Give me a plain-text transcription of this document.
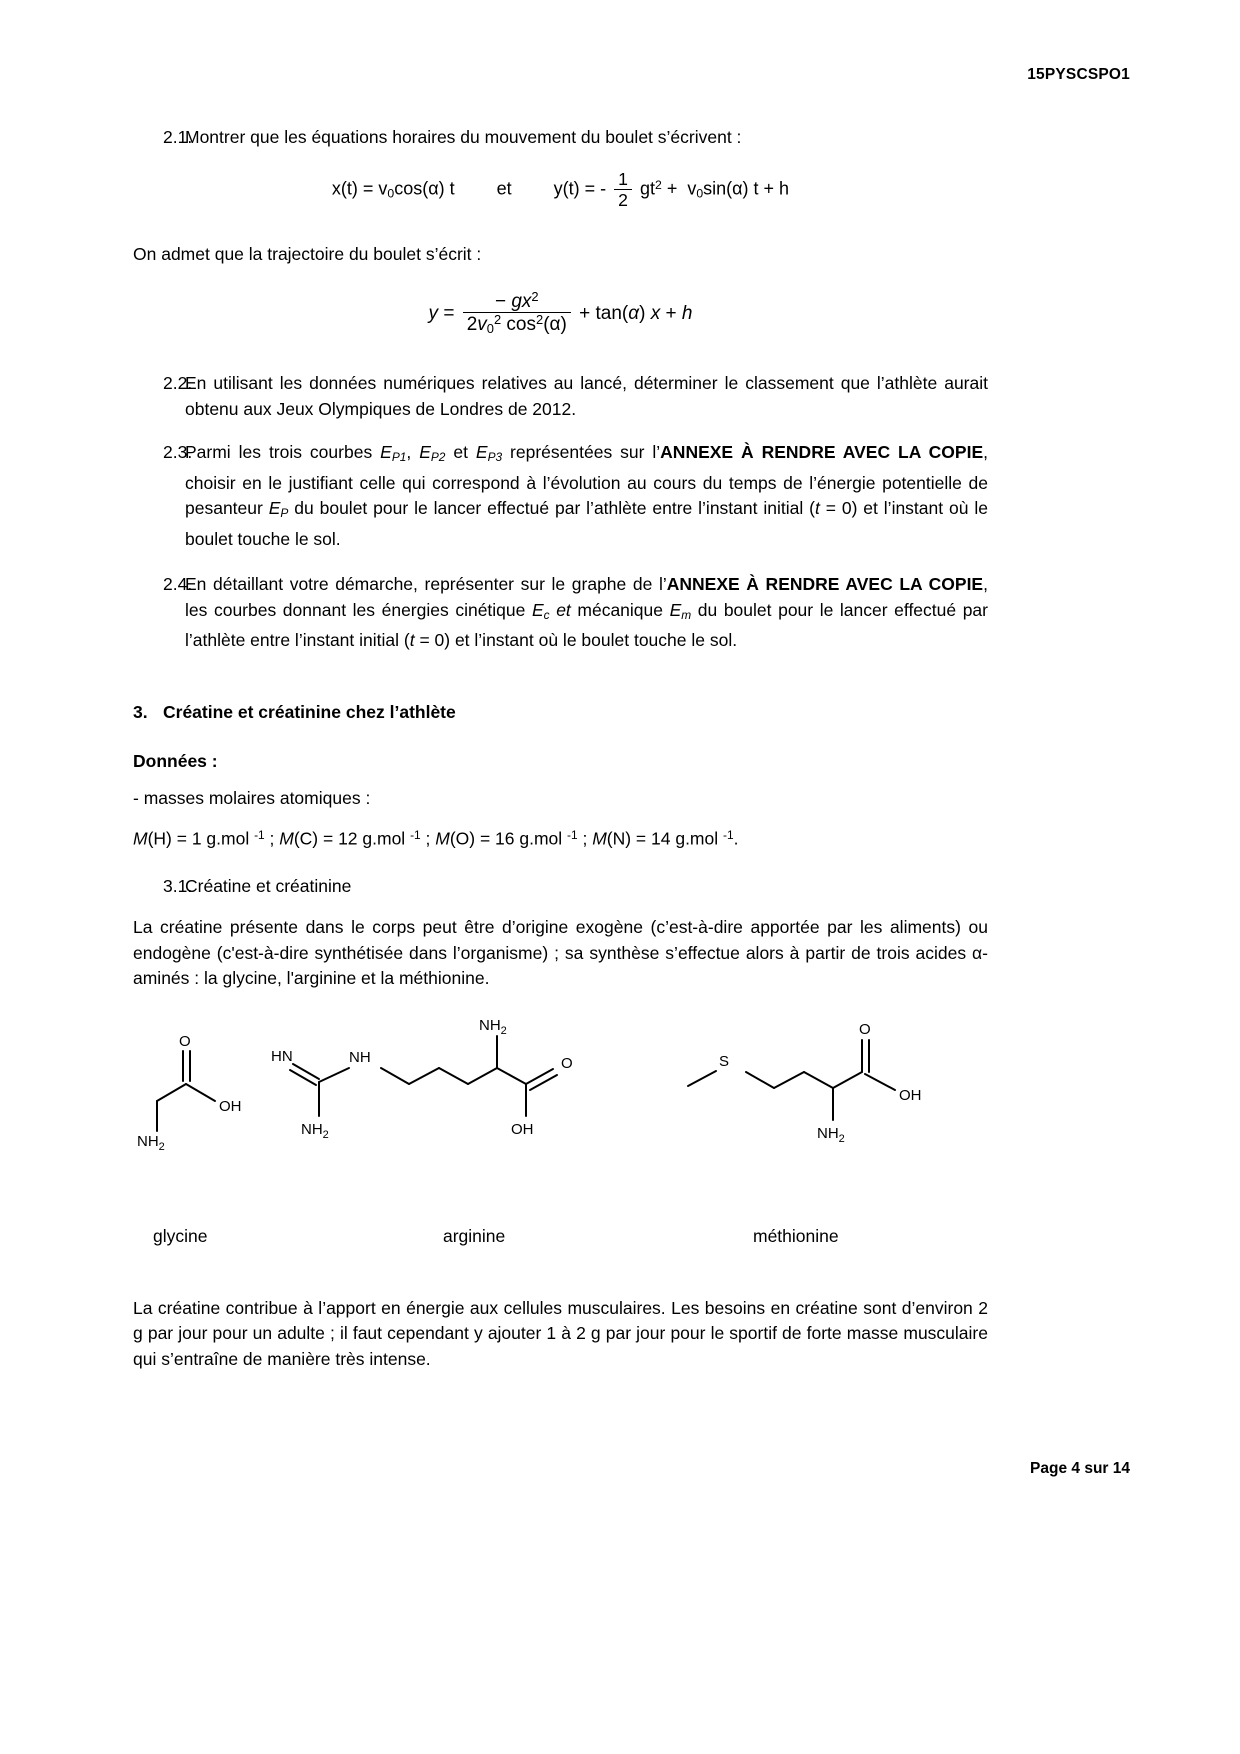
15PYSCSPO1
2.1.
Montrer que les équations horaires du mouvement du boulet s’écrivent :
$x(t) = v_0\cos(\alpha)$ t et y(t) = - $\frac{1}{2} gt^2 + v_0\sin(\alpha) t + h$
On admet que la trajectoire du boulet s’écrit :
$y = \frac{- gx^2}{2v_0^2 \cos^2(\alpha)} + \tan(\alpha) x + h$
2.2.
En utilisant les données numériques relatives au lancé, déterminer le classement que l’athlète aurait obtenu aux Jeux Olympiques de Londres de 2012.
2.3.
Parmi les trois courbes $E_{P1}$, $E_{P2}$ et $E_{P3}$ représentées sur l’ANNEXE À RENDRE AVEC LA COPIE, choisir en le justifiant celle qui correspond à l’évolution au cours du temps de l’énergie potentielle de pesanteur $E_P$ du boulet pour le lancer effectué par l’athlète entre l’instant initial (t = 0) et l’instant où le boulet touche le sol.
2.4.
En détaillant votre démarche, représenter sur le graphe de l’ANNEXE À RENDRE AVEC LA COPIE, les courbes donnant les énergies cinétique $E_c$ et mécanique $E_m$ du boulet pour le lancer effectué par l’athlète entre l’instant initial (t = 0) et l’instant où le boulet touche le sol.
3. Créatine et créatinine chez l’athlète
Données :
- masses molaires atomiques :
M(H) = 1 g.mol $^{-1}$ ; M(C) = 12 g.mol $^{-1}$ ; M(O) = 16 g.mol $^{-1}$ ; M(N) = 14 g.mol $^{-1}$.
3.1.
Créatine et créatinine
La créatine présente dans le corps peut être d’origine exogène (c’est-à-dire apportée par les aliments) ou endogène (c'est-à-dire synthétisée dans l’organisme) ; sa synthèse s’effectue alors à partir de trois acides α-aminés : la glycine, l'arginine et la méthionine.
O
OH
$NH_2$
HN	NH
$NH_2$
$NH_2$
O
OH
S
O
OH
$NH_2$
glycine	arginine	méthionine
La créatine contribue à l’apport en énergie aux cellules musculaires. Les besoins en créatine sont d’environ 2 g par jour pour un adulte ; il faut cependant y ajouter 1 à 2 g par jour pour le sportif de forte masse musculaire qui s’entraîne de manière très intense.
Page 4 sur 14
